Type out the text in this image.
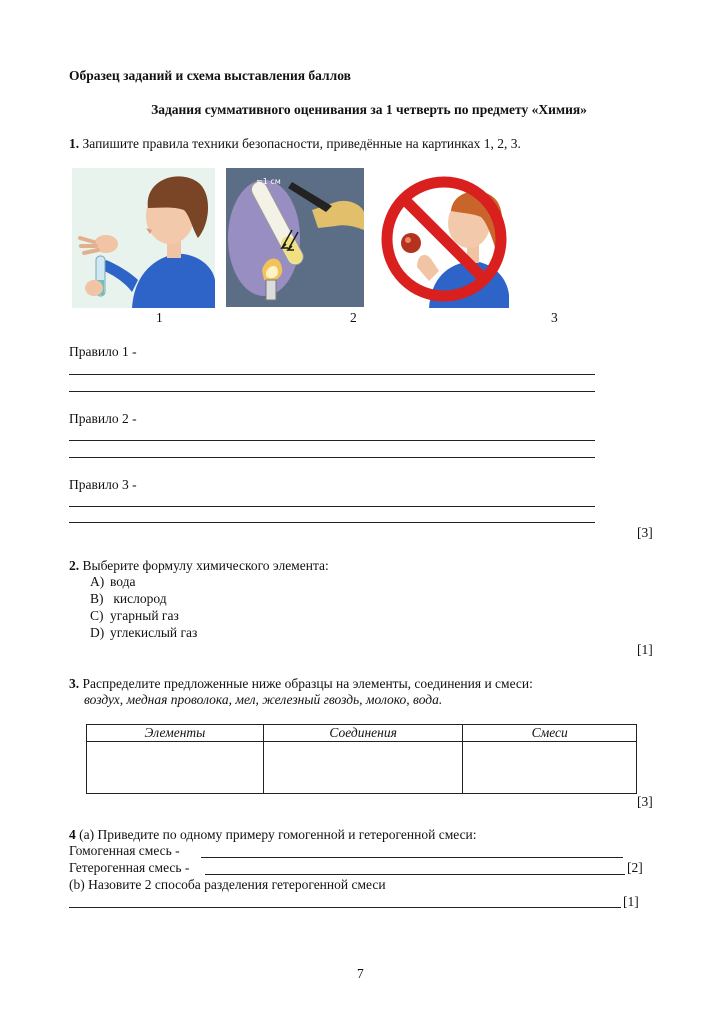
Образец заданий и схема выставления баллов
Задания суммативного оценивания за 1 четверть по предмету «Химия»
1. Запишите правила техники безопасности, приведённые на картинках 1, 2, 3.
≈1 см
1	2	3
Правило 1 -
Правило 2 -
Правило 3 -
[3]
2. Выберите формулу химического элемента:
A) вода
B) кислород
C) угарный газ
D) углекислый газ
[1]
3. Распределите предложенные ниже образцы на элементы, соединения и смеси:
воздух, медная проволока, мел, железный гвоздь, молоко, вода.
Элементы	Соединения	Смеси

[3]
4 (a) Приведите по одному примеру гомогенной и гетерогенной смеси:
Гомогенная смесь -
Гетерогенная смесь -	[2]
(b) Назовите 2 способа разделения гетерогенной смеси
[1]
7
